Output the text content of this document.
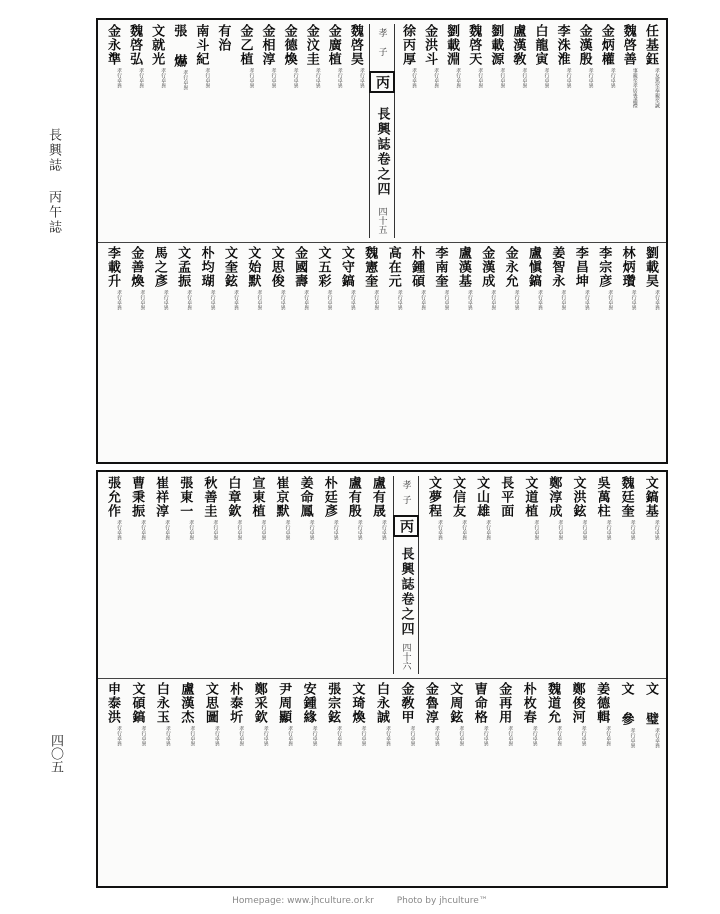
長興誌 丙午誌
四〇五
任基鈺
孝友篤至奉親至誠
魏啓善
事親至孝居喪盡禮
金炳權
孝行卓異
金漢殷
孝行卓異
李洙淮
孝行卓異
白龍寅
孝行卓異
盧漢敎
孝行卓異
劉載源
孝行卓異
魏啓天
孝行卓異
劉載淵
孝行卓異
金洪斗
孝行卓異
徐丙厚
孝行卓異
孝
子
丙
長興誌卷之四
四十五
魏啓昊
孝行卓異
金廣植
孝行卓異
金汶圭
孝行卓異
金德煥
孝行卓異
金相淳
孝行卓異
金乙植
孝行卓異
有治
南斗紀
孝行卓異
張 爀
孝行卓異
文就光
孝行卓異
魏啓弘
孝行卓異
金永準
孝行卓異
劉載昊
孝行卓異
林炳瓚
孝行卓異
李宗彦
孝行卓異
李昌坤
孝行卓異
姜智永
孝行卓異
盧愼鎬
孝行卓異
金永允
孝行卓異
金漢成
孝行卓異
盧漢基
孝行卓異
李南奎
孝行卓異
朴鍾碩
孝行卓異
高在元
孝行卓異
魏憲奎
孝行卓異
文守鎬
孝行卓異
文五彩
孝行卓異
金國壽
孝行卓異
文思俊
孝行卓異
文始默
孝行卓異
文奎鉉
孝行卓異
朴均瑚
孝行卓異
文孟振
孝行卓異
馬之彥
孝行卓異
金善煥
孝行卓異
李載升
孝行卓異
文鎬基
孝行卓異
魏廷奎
孝行卓異
吳萬柱
孝行卓異
文洪鉉
孝行卓異
鄭淳成
孝行卓異
文道植
孝行卓異
長平面
文山雄
孝行卓異
文信友
孝行卓異
文夢程
孝行卓異
孝
子
丙
長興誌卷之四
四十六
盧有晟
孝行卓異
盧有殷
孝行卓異
朴廷彥
孝行卓異
姜命鳳
孝行卓異
崔京默
孝行卓異
宣東植
孝行卓異
白章欽
孝行卓異
秋善圭
孝行卓異
張東一
孝行卓異
崔祥淳
孝行卓異
曹秉振
孝行卓異
張允作
孝行卓異
文 璧
孝行卓異
文 參
孝行卓異
姜德輯
孝行卓異
鄭俊河
孝行卓異
魏道允
孝行卓異
朴枚春
孝行卓異
金再用
孝行卓異
曺命格
孝行卓異
文周鉉
孝行卓異
金魯淳
孝行卓異
金敎甲
孝行卓異
白永誠
孝行卓異
文琦煥
孝行卓異
張宗鉉
孝行卓異
安鍾緣
孝行卓異
尹周顯
孝行卓異
鄭采欽
孝行卓異
朴泰圻
孝行卓異
文思圖
孝行卓異
盧漢杰
孝行卓異
白永玉
孝行卓異
文碩鎬
孝行卓異
申泰洪
孝行卓異
Homepage: www.jhculture.or.kr	Photo by jhculture™
